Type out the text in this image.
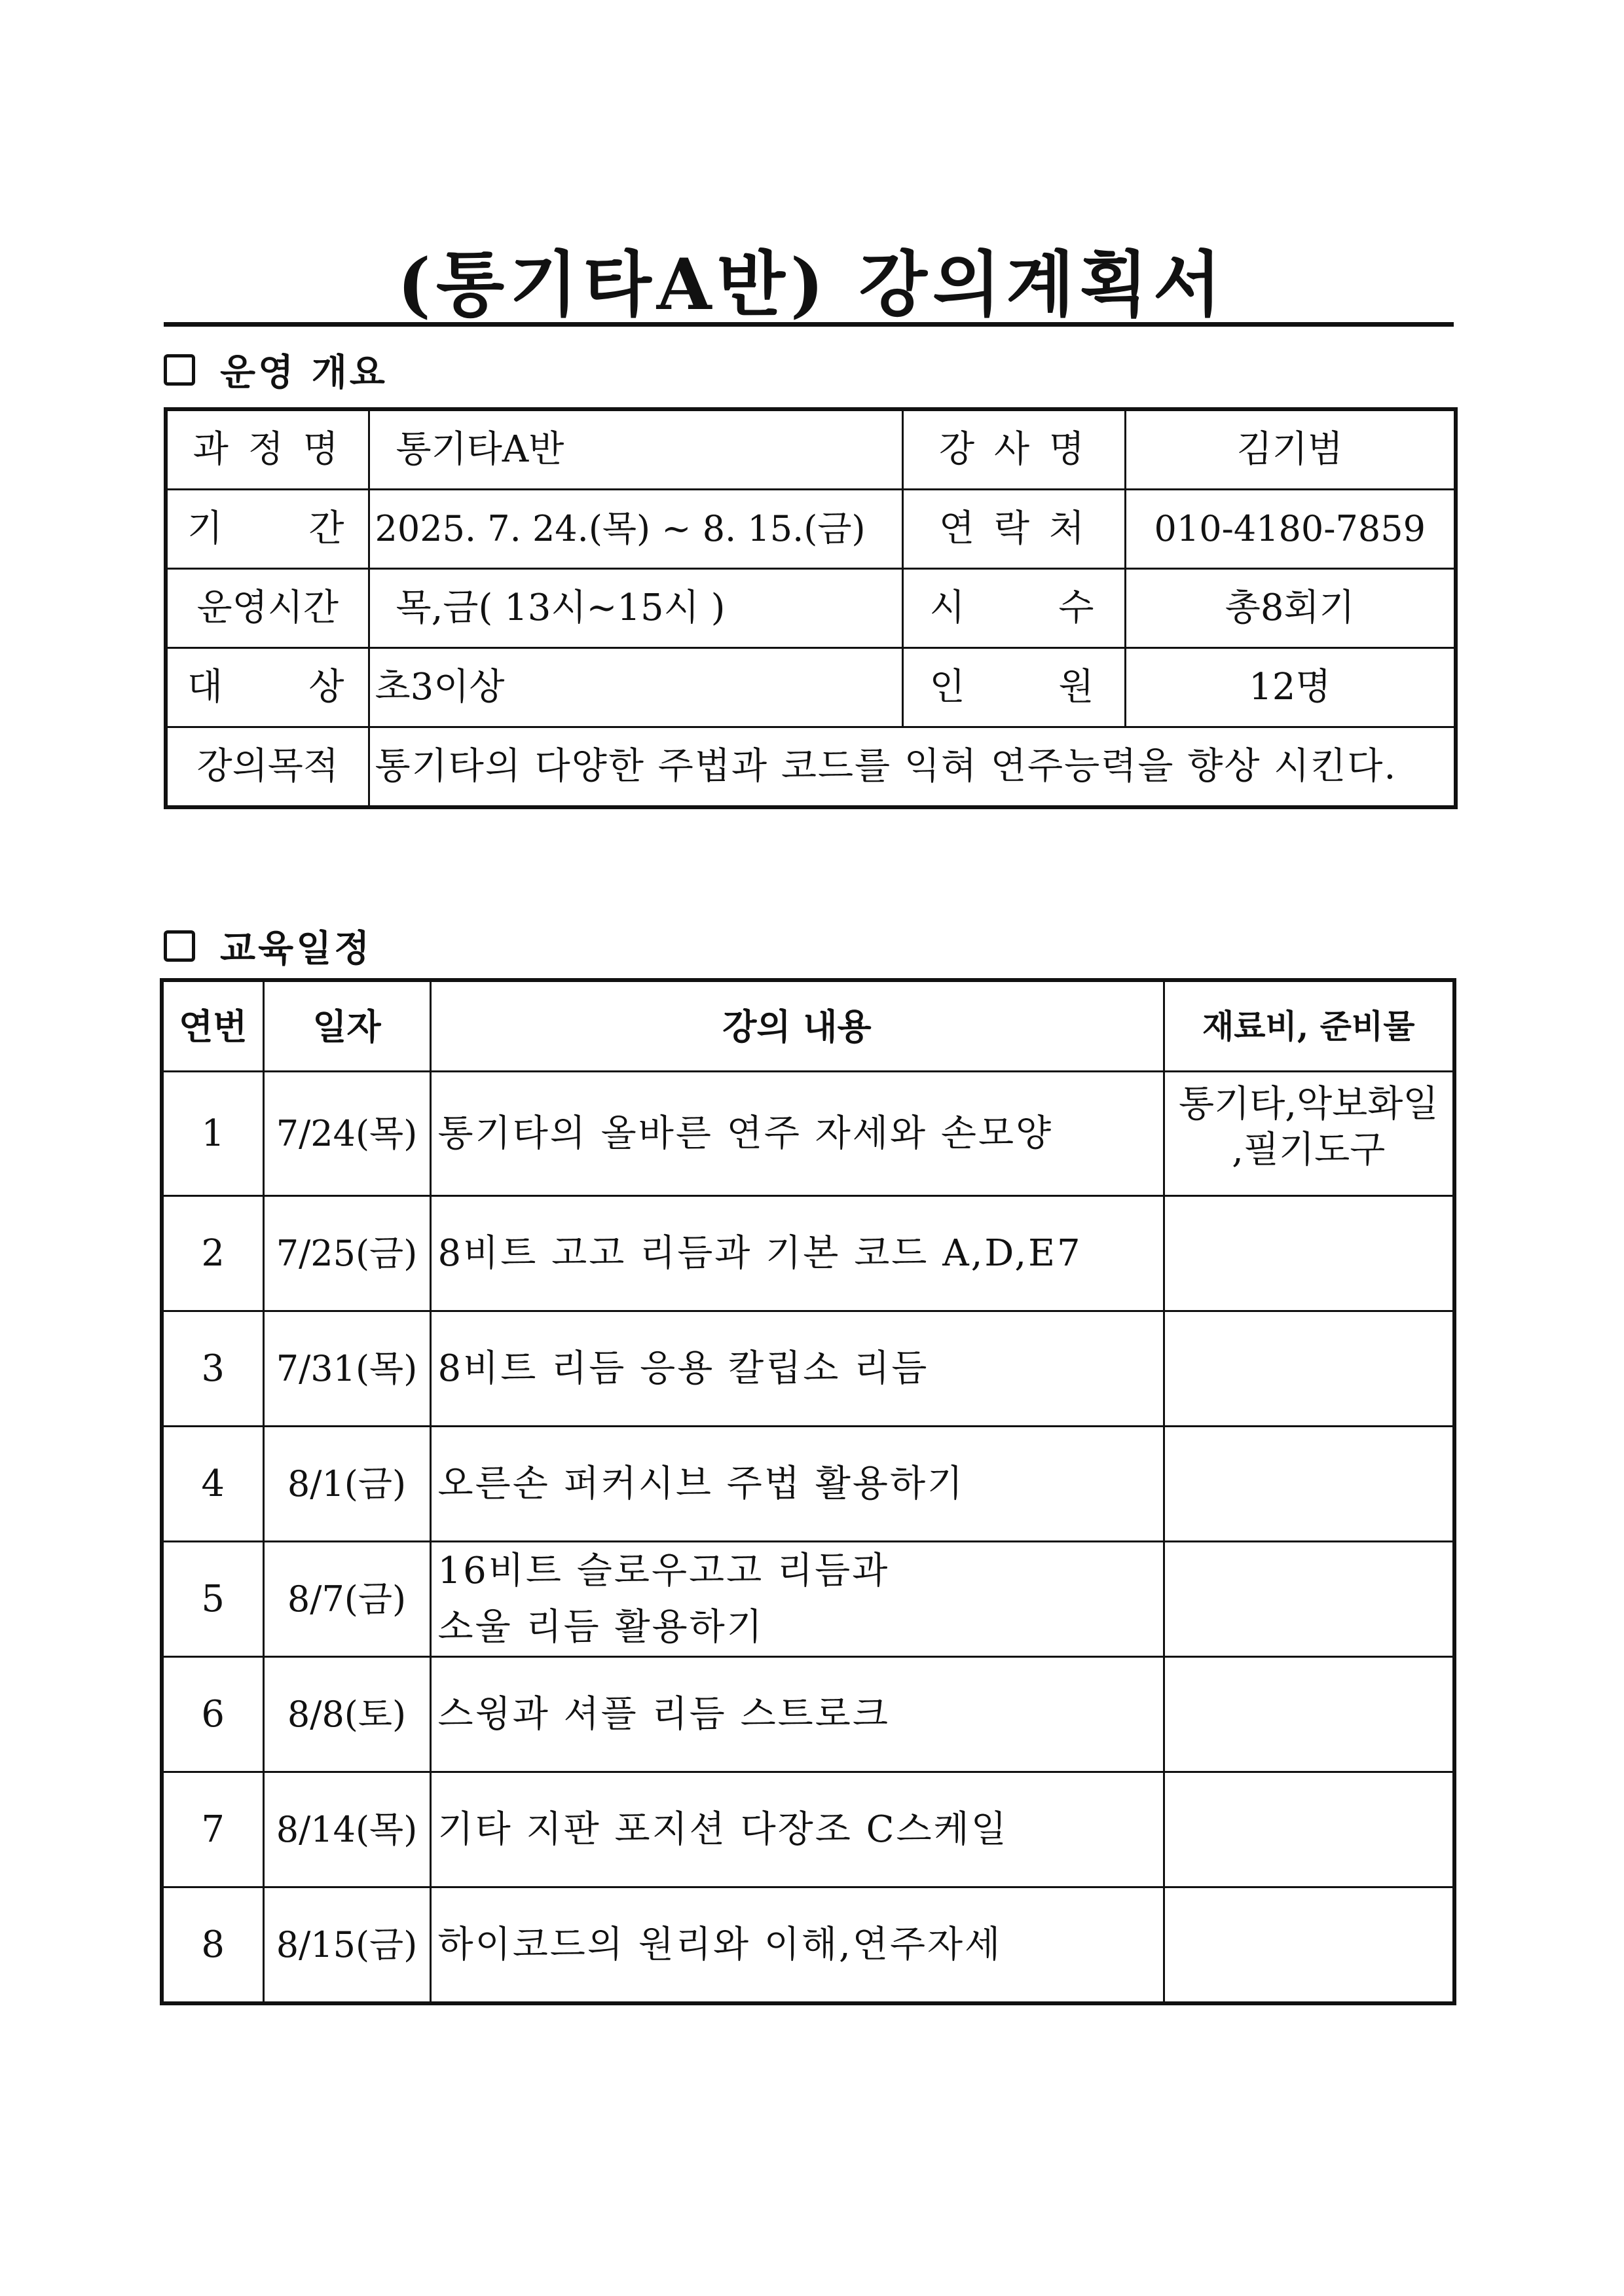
(통기타A반) 강의계획서
운영 개요
과 정 명	통기타A반	강 사 명	김기범
기 간	2025. 7. 24.(목) ~ 8. 15.(금)	연 락 처	010-4180-7859
운영시간	목,금( 13시~15시 )	시 수	총8회기
대 상	초3이상	인 원	12명
강의목적	통기타의 다양한 주법과 코드를 익혀 연주능력을 향상 시킨다.		
교육일정
연번	일자	강의 내용	재료비, 준비물
1	7/24(목)	통기타의 올바른 연주 자세와 손모양	통기타,악보화일
,필기도구

2	7/25(금)	8비트 고고 리듬과 기본 코드 A,D,E7	

3	7/31(목)	8비트 리듬 응용 칼립소 리듬	

4	8/1(금)	오른손 퍼커시브 주법 활용하기	

5	8/7(금)	16비트 슬로우고고 리듬과
소울 리듬 활용하기	

6	8/8(토)	스윙과 셔플 리듬 스트로크	

7	8/14(목)	기타 지판 포지션 다장조 C스케일	

8	8/15(금)	하이코드의 원리와 이해,연주자세	
